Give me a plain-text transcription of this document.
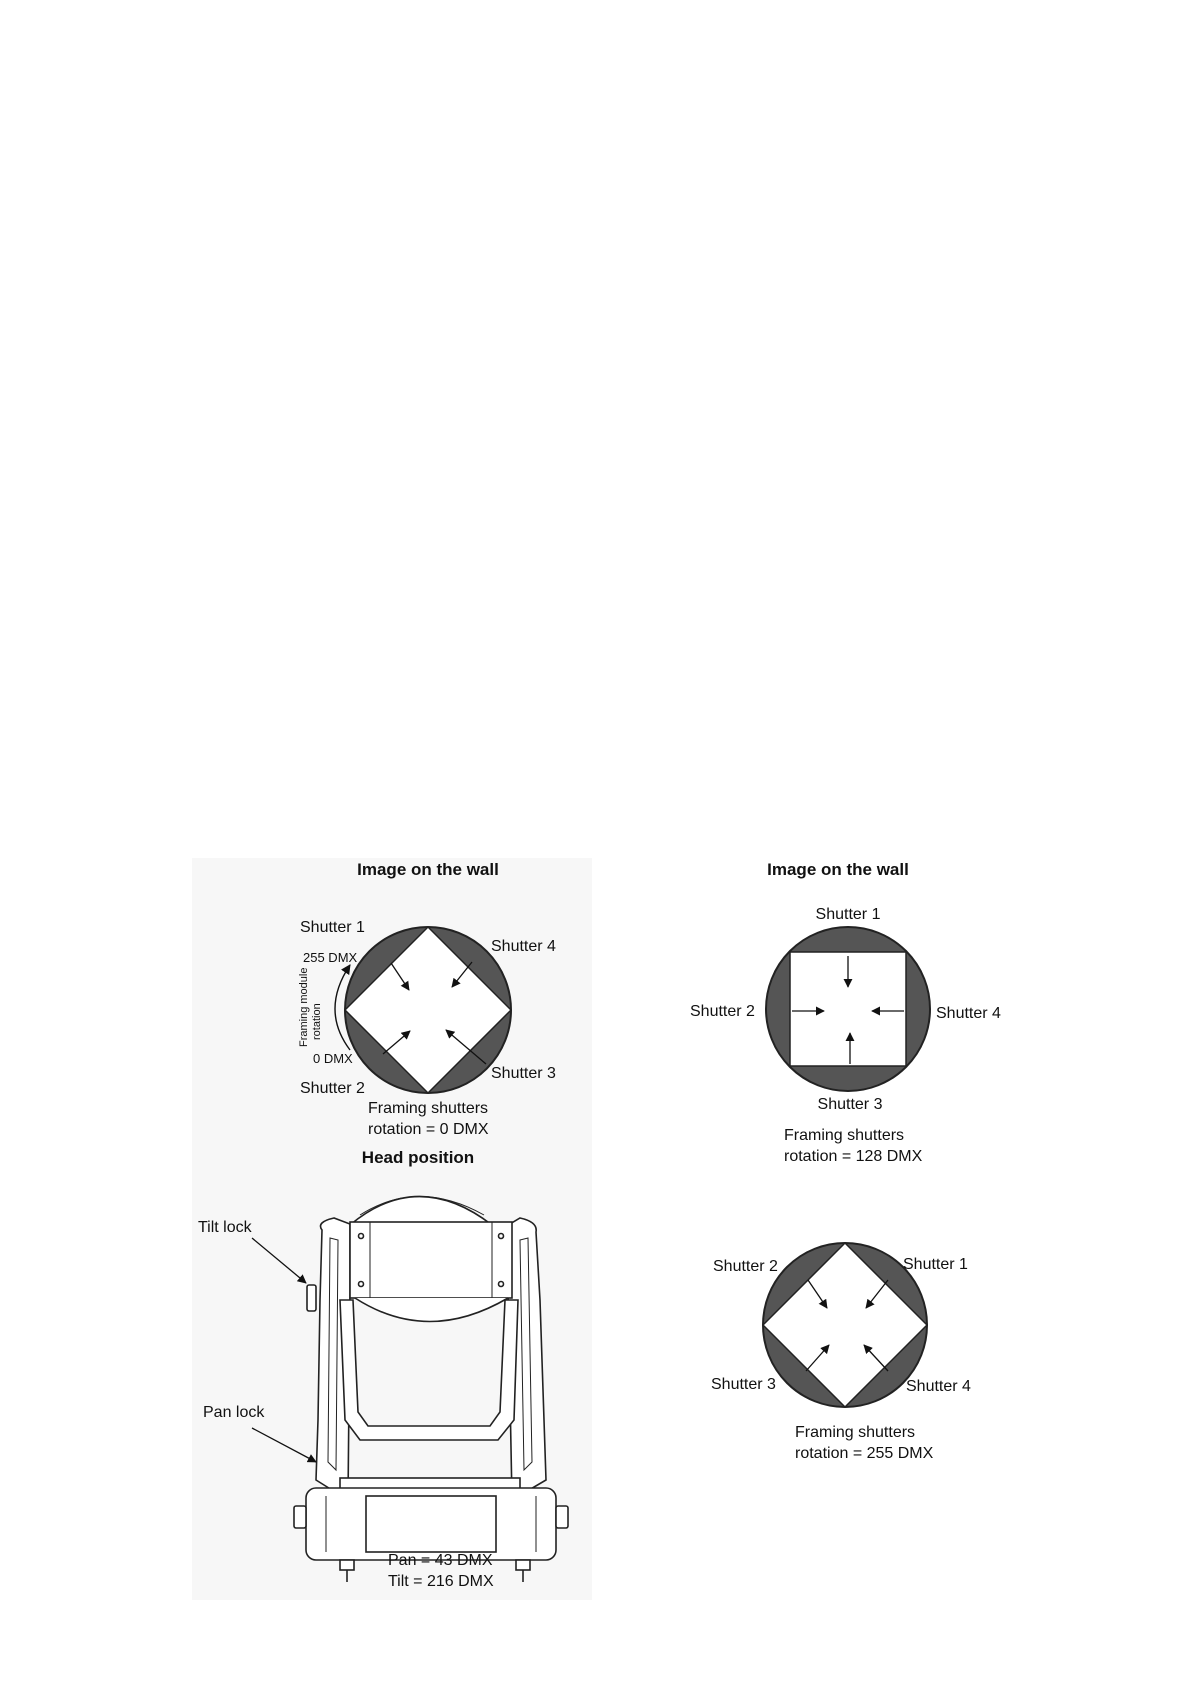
Image on the wall
Shutter 1
Shutter 4
Shutter 2
Shutter 3
255 DMX
0 DMX
Framing module rotation
Framing shutters
rotation = 0 DMX
Image on the wall
Shutter 1
Shutter 2	Shutter 4
Shutter 3
Framing shutters
rotation = 128 DMX
Shutter 2	Shutter 1
Shutter 3	Shutter 4
Framing shutters
rotation = 255 DMX
Head position
Tilt lock
Pan lock
Pan = 43 DMX
Tilt = 216 DMX
